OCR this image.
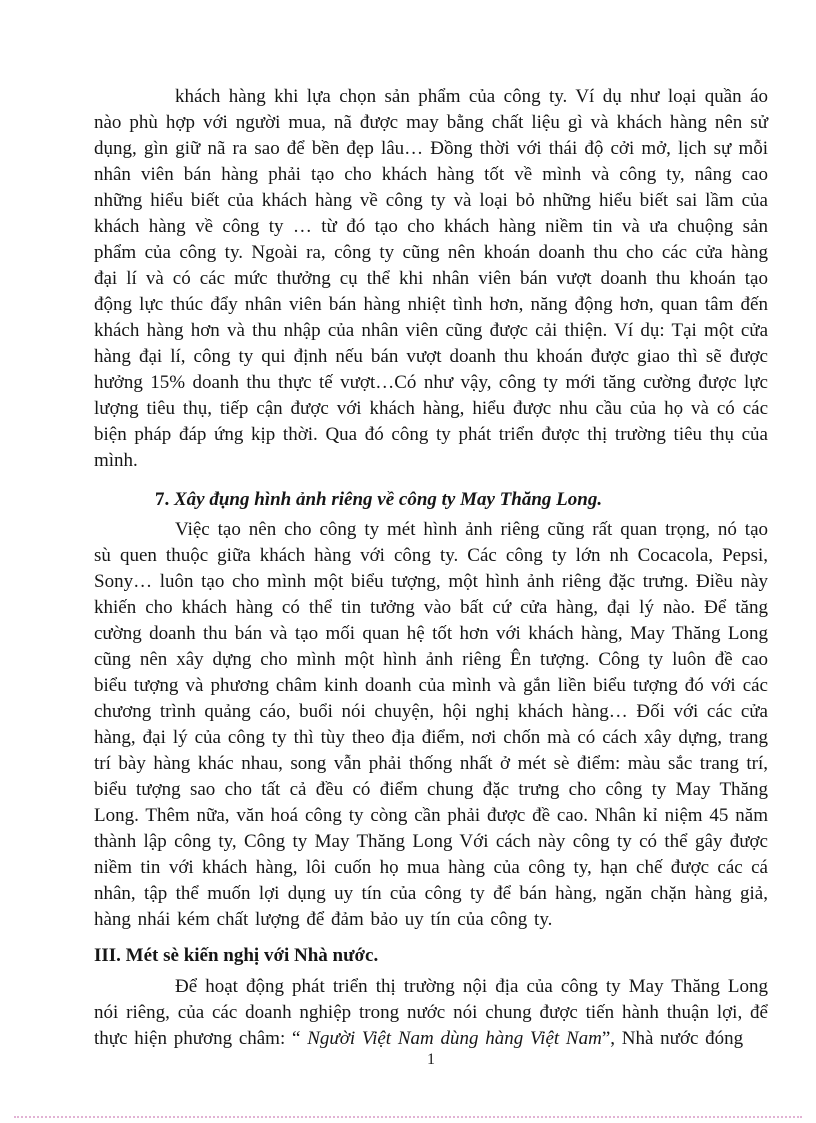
khách hàng khi lựa chọn sản phẩm của công ty. Ví dụ như loại quần áo nào phù hợp với người mua, nã được may bằng chất liệu gì và khách hàng nên sử dụng, gìn giữ nã ra sao để bền đẹp lâu… Đồng thời với thái độ cởi mở, lịch sự mỗi nhân viên bán hàng phải tạo cho khách hàng tốt về mình và công ty, nâng cao những hiểu biết của khách hàng về công ty và loại bỏ những hiểu biết sai lầm của khách hàng về công ty … từ đó tạo cho khách hàng niềm tin và ưa chuộng sản phẩm của công ty. Ngoài ra, công ty cũng nên khoán doanh thu cho các cửa hàng đại lí và có các mức thưởng cụ thể khi nhân viên bán vượt doanh thu khoán tạo động lực thúc đẩy nhân viên bán hàng nhiệt tình hơn, năng động hơn, quan tâm đến khách hàng hơn và thu nhập của nhân viên cũng được cải thiện. Ví dụ: Tại một cửa hàng đại lí, công ty qui định nếu bán vượt doanh thu khoán được giao thì sẽ được hưởng 15% doanh thu thực tế vượt…Có như vậy, công ty mới tăng cường được lực lượng tiêu thụ, tiếp cận được với khách hàng, hiểu được nhu cầu của họ và có các biện pháp đáp ứng kịp thời. Qua đó công ty phát triển được thị trường tiêu thụ của mình.

7. Xây đụng hình ảnh riêng về công ty May Thăng Long.

Việc tạo nên cho công ty mét hình ảnh riêng cũng rất quan trọng, nó tạo sù quen thuộc giữa khách hàng với công ty. Các công ty lớn nh Cocacola, Pepsi, Sony… luôn tạo cho mình một biểu tượng, một hình ảnh riêng đặc trưng. Điều này khiến cho khách hàng có thể tin tưởng vào bất cứ cửa hàng, đại lý nào. Để tăng cường doanh thu bán và tạo mối quan hệ tốt hơn với khách hàng, May Thăng Long cũng nên xây dựng cho mình một hình ảnh riêng Ên tượng. Công ty luôn đề cao biểu tượng và phương châm kinh doanh của mình và gắn liền biểu tượng đó với các chương trình quảng cáo, buổi nói chuyện, hội nghị khách hàng… Đối với các cửa hàng, đại lý của công ty thì tùy theo địa điểm, nơi chốn mà có cách xây dựng, trang trí bày hàng khác nhau, song vẫn phải thống nhất ở mét sè điểm: màu sắc trang trí, biểu tượng sao cho tất cả đều có điểm chung đặc trưng cho công ty May Thăng Long. Thêm nữa, văn hoá công ty còng cần phải được đề cao. Nhân kỉ niệm 45 năm thành lập công ty, Công ty May Thăng Long Với cách này công ty có thể gây được niềm tin với khách hàng, lôi cuốn họ mua hàng của công ty, hạn chế được các cá nhân, tập thể muốn lợi dụng uy tín của công ty để bán hàng, ngăn chặn hàng giả, hàng nhái kém chất lượng để đảm bảo uy tín của công ty.

III. Mét sè kiến nghị với Nhà nước.

Để hoạt động phát triển thị trường nội địa của công ty May Thăng Long nói riêng, của các doanh nghiệp trong nước nói chung được tiến hành thuận lợi, để thực hiện phương châm: “ Người Việt Nam dùng hàng Việt Nam”, Nhà nước đóng

1
